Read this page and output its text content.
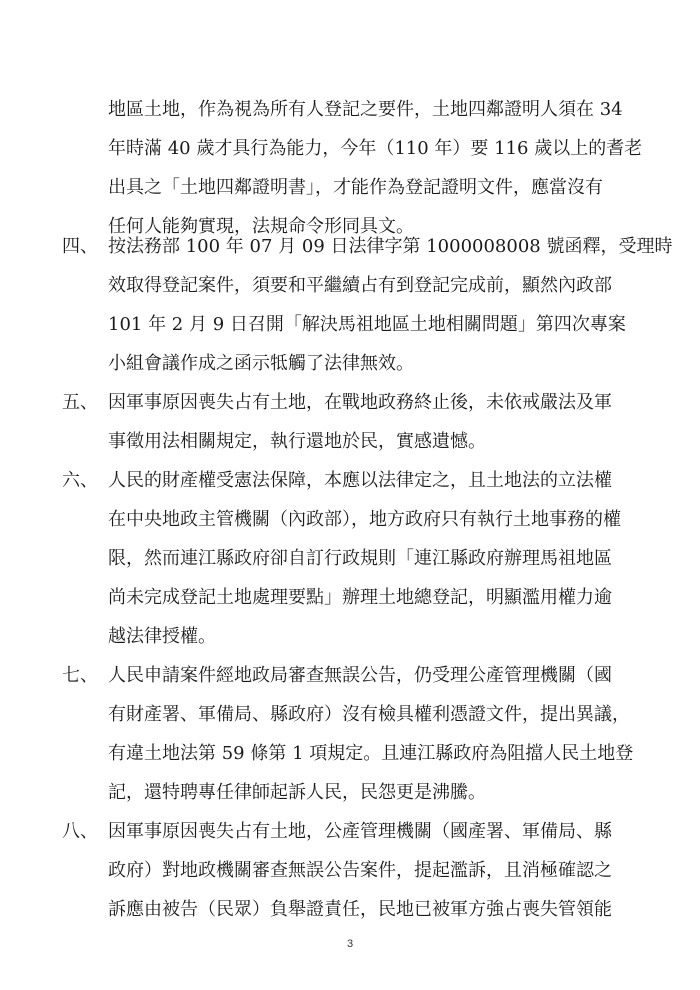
地區土地，作為視為所有人登記之要件，土地四鄰證明人須在 34

年時滿 40 歲才具行為能力，今年（110 年）要 116 歲以上的耆老

出具之「土地四鄰證明書」，才能作為登記證明文件，應當沒有

任何人能夠實現，法規命令形同具文。

四、 按法務部 100 年 07 月 09 日法律字第 1000008008 號函釋，受理時

效取得登記案件，須要和平繼續占有到登記完成前，顯然內政部

101 年 2 月 9 日召開「解決馬祖地區土地相關問題」第四次專案

小組會議作成之函示牴觸了法律無效。

五、 因軍事原因喪失占有土地，在戰地政務終止後，未依戒嚴法及軍

事徵用法相關規定，執行還地於民，實感遺憾。

六、 人民的財產權受憲法保障，本應以法律定之，且土地法的立法權

在中央地政主管機關（內政部），地方政府只有執行土地事務的權

限，然而連江縣政府卻自訂行政規則「連江縣政府辦理馬祖地區

尚未完成登記土地處理要點」辦理土地總登記，明顯濫用權力逾

越法律授權。

七、 人民申請案件經地政局審查無誤公告，仍受理公產管理機關（國

有財產署、軍備局、縣政府）沒有檢具權利憑證文件，提出異議，

有違土地法第 59 條第 1 項規定。且連江縣政府為阻擋人民土地登

記，還特聘專任律師起訴人民，民怨更是沸騰。

八、 因軍事原因喪失占有土地，公產管理機關（國產署、軍備局、縣

政府）對地政機關審查無誤公告案件，提起濫訴，且消極確認之

訴應由被告（民眾）負舉證責任，民地已被軍方強占喪失管領能

3
